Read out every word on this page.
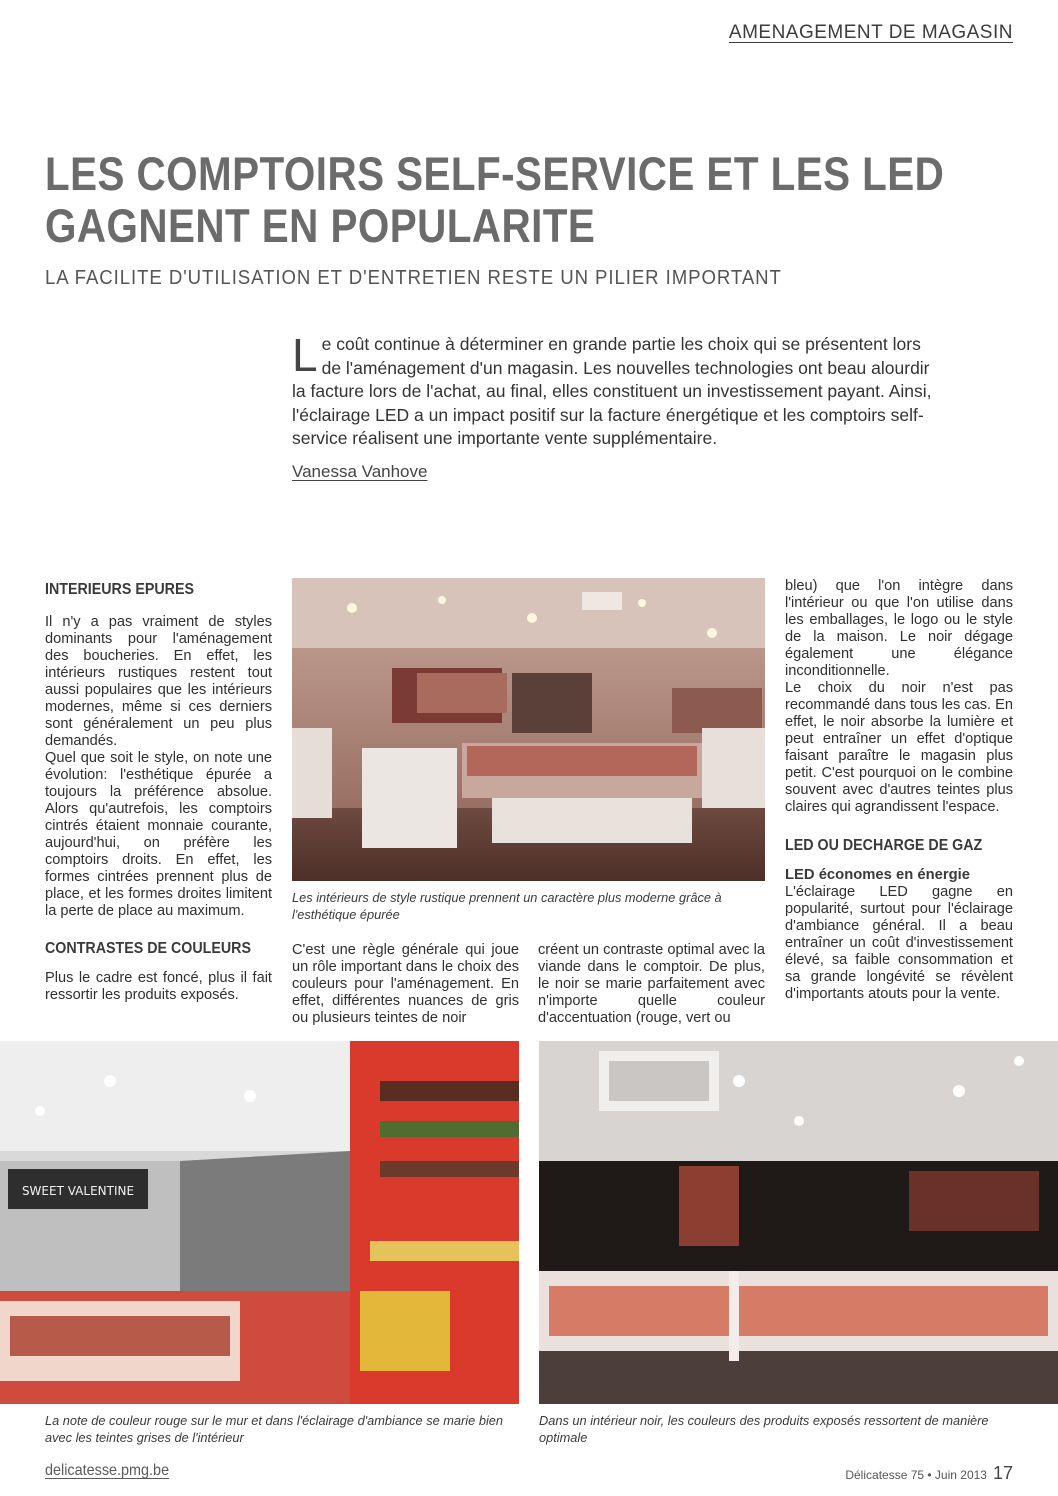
AMENAGEMENT DE MAGASIN
LES COMPTOIRS SELF-SERVICE ET LES LED
GAGNENT EN POPULARITE
LA FACILITE D'UTILISATION ET D'ENTRETIEN RESTE UN PILIER IMPORTANT

Le coût continue à déterminer en grande partie les choix qui se présentent lors de l'aménagement d'un magasin. Les nouvelles technologies ont beau alourdir la facture lors de l'achat, au final, elles constituent un investissement payant. Ainsi, l'éclairage LED a un impact positif sur la facture énergétique et les comptoirs self-service réalisent une importante vente supplémentaire.

Vanessa Vanhove
INTERIEURS EPURES

Il n'y a pas vraiment de styles dominants pour l'aménagement des boucheries. En effet, les intérieurs rustiques restent tout aussi populaires que les intérieurs modernes, même si ces derniers sont généralement un peu plus demandés.

Quel que soit le style, on note une évolution: l'esthétique épurée a toujours la préférence absolue. Alors qu'autrefois, les comptoirs cintrés étaient monnaie courante, aujourd'hui, on préfère les comptoirs droits. En effet, les formes cintrées prennent plus de place, et les formes droites limitent la perte de place au maximum.

CONTRASTES DE COULEURS

Plus le cadre est foncé, plus il fait ressortir les produits exposés.

Les intérieurs de style rustique prennent un caractère plus moderne grâce à l'esthétique épurée

C'est une règle générale qui joue un rôle important dans le choix des couleurs pour l'aménagement. En effet, différentes nuances de gris ou plusieurs teintes de noir

créent un contraste optimal avec la viande dans le comptoir. De plus, le noir se marie parfaitement avec n'importe quelle couleur d'accentuation (rouge, vert ou

bleu) que l'on intègre dans l'intérieur ou que l'on utilise dans les emballages, le logo ou le style de la maison. Le noir dégage également une élégance inconditionnelle.

Le choix du noir n'est pas recommandé dans tous les cas. En effet, le noir absorbe la lumière et peut entraîner un effet d'optique faisant paraître le magasin plus petit. C'est pourquoi on le combine souvent avec d'autres teintes plus claires qui agrandissent l'espace.

LED OU DECHARGE DE GAZ
LED économes en énergie

L'éclairage LED gagne en popularité, surtout pour l'éclairage d'ambiance général. Il a beau entraîner un coût d'investissement élevé, sa faible consommation et sa grande longévité se révèlent d'importants atouts pour la vente.

SWEET VALENTINE
La note de couleur rouge sur le mur et dans l'éclairage d'ambiance se marie bien avec les teintes grises de l'intérieur
Dans un intérieur noir, les couleurs des produits exposés ressortent de manière optimale
delicatesse.pmg.be	Délicatesse 75 • Juin 2013 17
